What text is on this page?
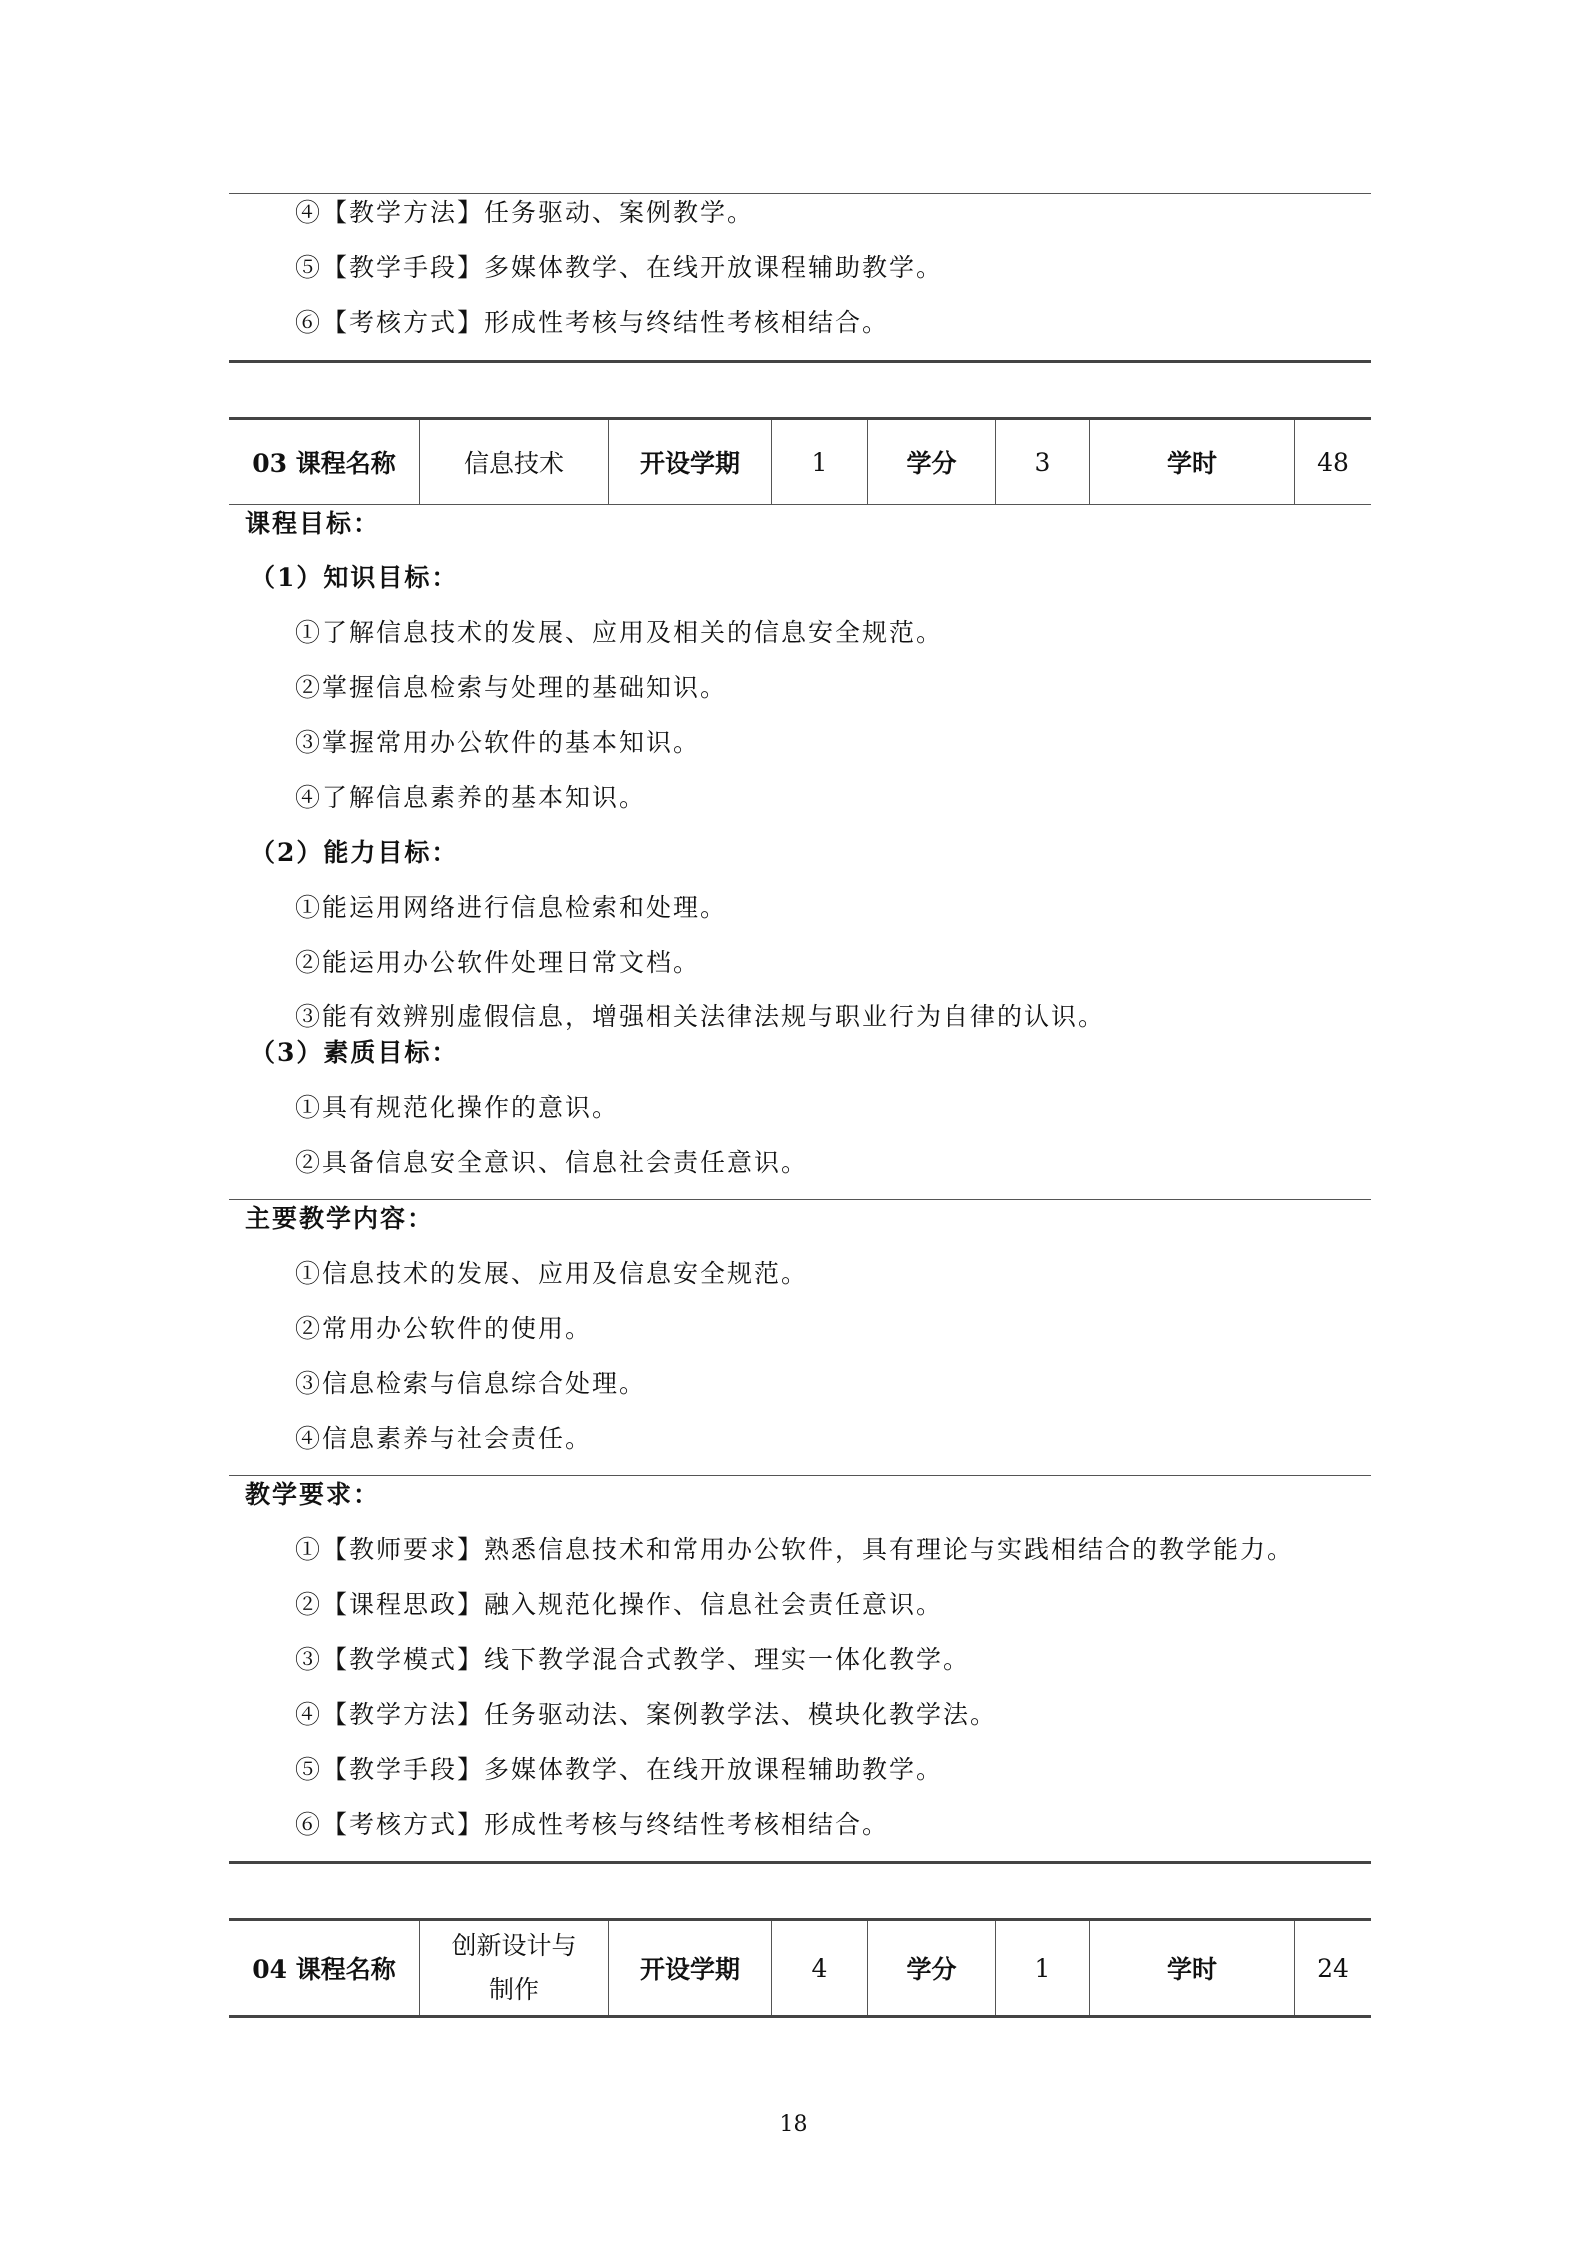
④【教学方法】任务驱动、案例教学。
⑤【教学手段】多媒体教学、在线开放课程辅助教学。
⑥【考核方式】形成性考核与终结性考核相结合。
03 课程名称	信息技术	开设学期	1	学分	3	学时	48
课程目标：
（1）知识目标：
①了解信息技术的发展、应用及相关的信息安全规范。
②掌握信息检索与处理的基础知识。
③掌握常用办公软件的基本知识。
④了解信息素养的基本知识。
（2）能力目标：
①能运用网络进行信息检索和处理。
②能运用办公软件处理日常文档。
③能有效辨别虚假信息，增强相关法律法规与职业行为自律的认识。
（3）素质目标：
①具有规范化操作的意识。
②具备信息安全意识、信息社会责任意识。
主要教学内容：
①信息技术的发展、应用及信息安全规范。
②常用办公软件的使用。
③信息检索与信息综合处理。
④信息素养与社会责任。
教学要求：
①【教师要求】熟悉信息技术和常用办公软件，具有理论与实践相结合的教学能力。
②【课程思政】融入规范化操作、信息社会责任意识。
③【教学模式】线下教学混合式教学、理实一体化教学。
④【教学方法】任务驱动法、案例教学法、模块化教学法。
⑤【教学手段】多媒体教学、在线开放课程辅助教学。
⑥【考核方式】形成性考核与终结性考核相结合。
04 课程名称	创新设计与
制作	开设学期	4	学分	1	学时	24
18
